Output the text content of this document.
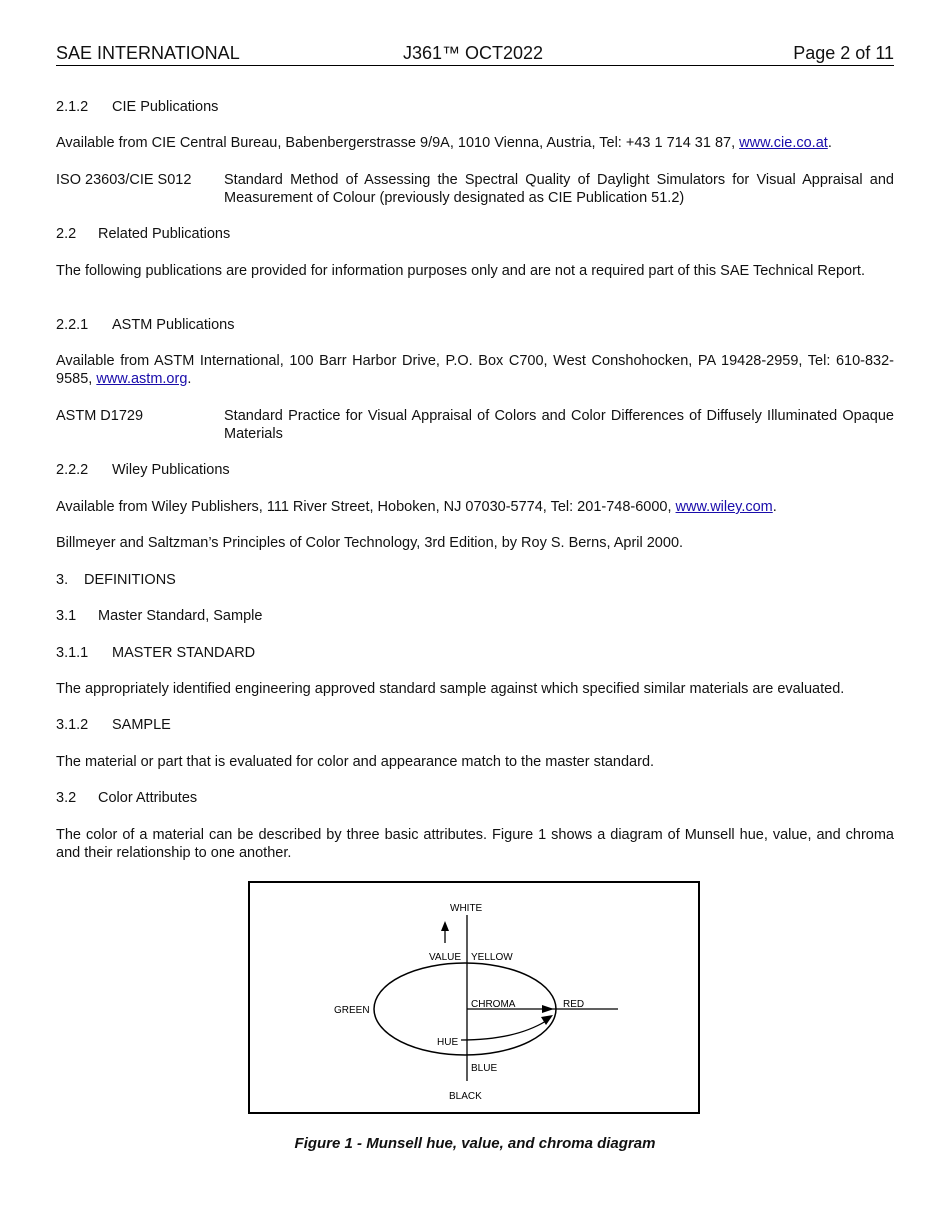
SAE INTERNATIONAL	J361™ OCT2022	Page 2 of 11
2.1.2 CIE Publications
Available from CIE Central Bureau, Babenbergerstrasse 9/9A, 1010 Vienna, Austria, Tel: +43 1 714 31 87, www.cie.co.at.
ISO 23603/CIE S012 Standard Method of Assessing the Spectral Quality of Daylight Simulators for Visual Appraisal and Measurement of Colour (previously designated as CIE Publication 51.2)
2.2 Related Publications
The following publications are provided for information purposes only and are not a required part of this SAE Technical Report.
2.2.1 ASTM Publications
Available from ASTM International, 100 Barr Harbor Drive, P.O. Box C700, West Conshohocken, PA 19428-2959, Tel: 610-832-9585, www.astm.org.
ASTM D1729	Standard Practice for Visual Appraisal of Colors and Color Differences of Diffusely Illuminated Opaque Materials
2.2.2 Wiley Publications
Available from Wiley Publishers, 111 River Street, Hoboken, NJ 07030-5774, Tel: 201-748-6000, www.wiley.com.
Billmeyer and Saltzman’s Principles of Color Technology, 3rd Edition, by Roy S. Berns, April 2000.
3. DEFINITIONS
3.1 Master Standard, Sample
3.1.1 MASTER STANDARD
The appropriately identified engineering approved standard sample against which specified similar materials are evaluated.
3.1.2 SAMPLE
The material or part that is evaluated for color and appearance match to the master standard.
3.2 Color Attributes
The color of a material can be described by three basic attributes. Figure 1 shows a diagram of Munsell hue, value, and chroma and their relationship to one another.
WHITE
VALUE YELLOW
GREEN
CHROMA	RED
HUE
BLUE
BLACK
Figure 1 - Munsell hue, value, and chroma diagram
